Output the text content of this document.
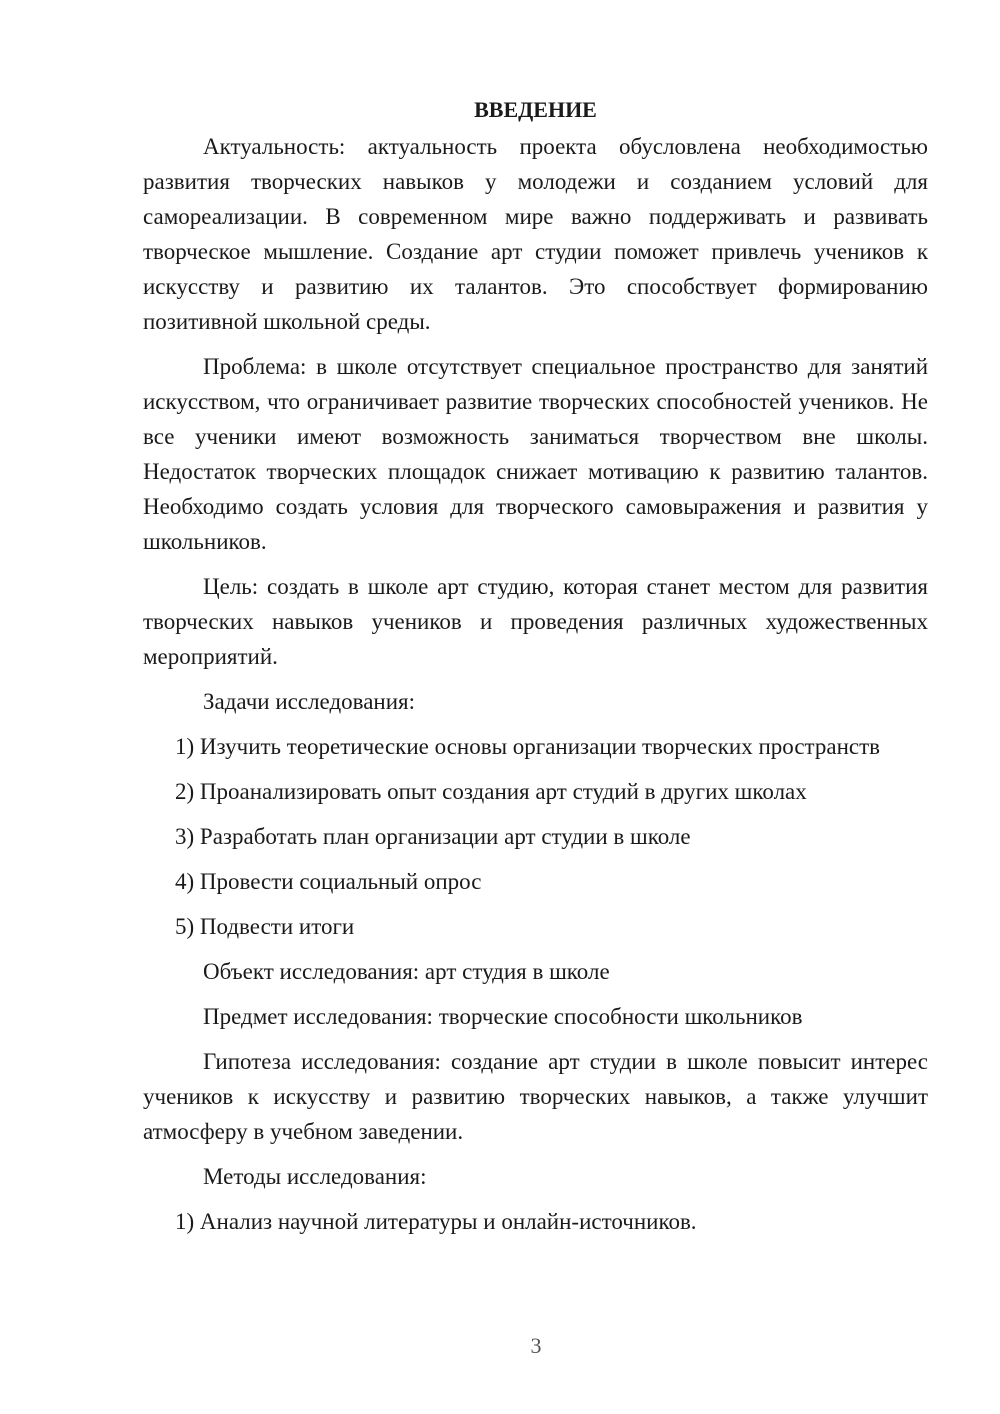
ВВЕДЕНИЕ

Актуальность: актуальность проекта обусловлена необходимостью развития творческих навыков у молодежи и созданием условий для самореализации. В современном мире важно поддерживать и развивать творческое мышление. Создание арт студии поможет привлечь учеников к искусству и развитию их талантов. Это способствует формированию позитивной школьной среды.

Проблема: в школе отсутствует специальное пространство для занятий искусством, что ограничивает развитие творческих способностей учеников. Не все ученики имеют возможность заниматься творчеством вне школы. Недостаток творческих площадок снижает мотивацию к развитию талантов. Необходимо создать условия для творческого самовыражения и развития у школьников.

Цель: создать в школе арт студию, которая станет местом для развития творческих навыков учеников и проведения различных художественных мероприятий.

Задачи исследования:

1) Изучить теоретические основы организации творческих пространств

2) Проанализировать опыт создания арт студий в других школах

3) Разработать план организации арт студии в школе

4) Провести социальный опрос

5) Подвести итоги

Объект исследования: арт студия в школе

Предмет исследования: творческие способности школьников

Гипотеза исследования: создание арт студии в школе повысит интерес учеников к искусству и развитию творческих навыков, а также улучшит атмосферу в учебном заведении.

Методы исследования:

1) Анализ научной литературы и онлайн-источников.

3
